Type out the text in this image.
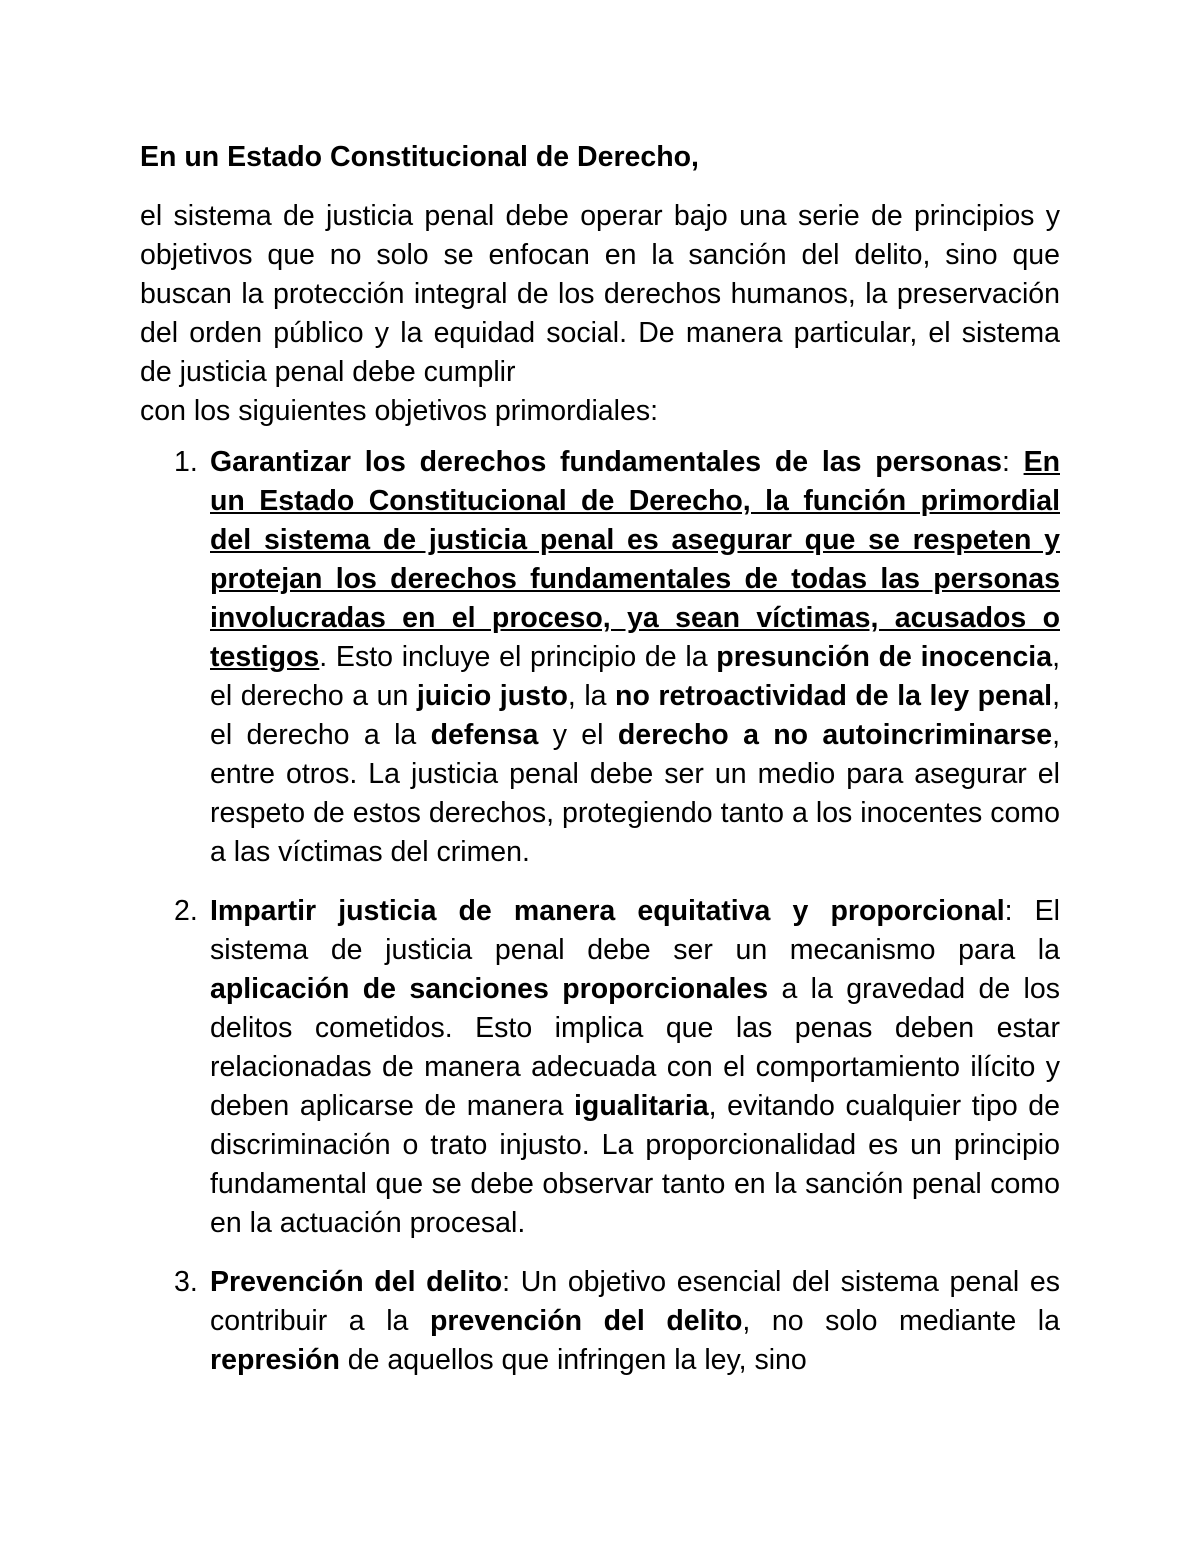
En un Estado Constitucional de Derecho,

el sistema de justicia penal debe operar bajo una serie de principios y objetivos que no solo se enfocan en la sanción del delito, sino que buscan la protección integral de los derechos humanos, la preservación del orden público y la equidad social. De manera particular, el sistema de justicia penal debe cumplir
con los siguientes objetivos primordiales:

1. Garantizar los derechos fundamentales de las personas: En un Estado Constitucional de Derecho, la función primordial del sistema de justicia penal es asegurar que se respeten y protejan los derechos fundamentales de todas las personas involucradas en el proceso, ya sean víctimas, acusados o testigos. Esto incluye el principio de la presunción de inocencia, el derecho a un juicio justo, la no retroactividad de la ley penal, el derecho a la defensa y el derecho a no autoincriminarse, entre otros. La justicia penal debe ser un medio para asegurar el respeto de estos derechos, protegiendo tanto a los inocentes como a las víctimas del crimen.
2. Impartir justicia de manera equitativa y proporcional: El sistema de justicia penal debe ser un mecanismo para la aplicación de sanciones proporcionales a la gravedad de los delitos cometidos. Esto implica que las penas deben estar relacionadas de manera adecuada con el comportamiento ilícito y deben aplicarse de manera igualitaria, evitando cualquier tipo de discriminación o trato injusto. La proporcionalidad es un principio fundamental que se debe observar tanto en la sanción penal como en la actuación procesal.
3. Prevención del delito: Un objetivo esencial del sistema penal es contribuir a la prevención del delito, no solo mediante la represión de aquellos que infringen la ley, sino
